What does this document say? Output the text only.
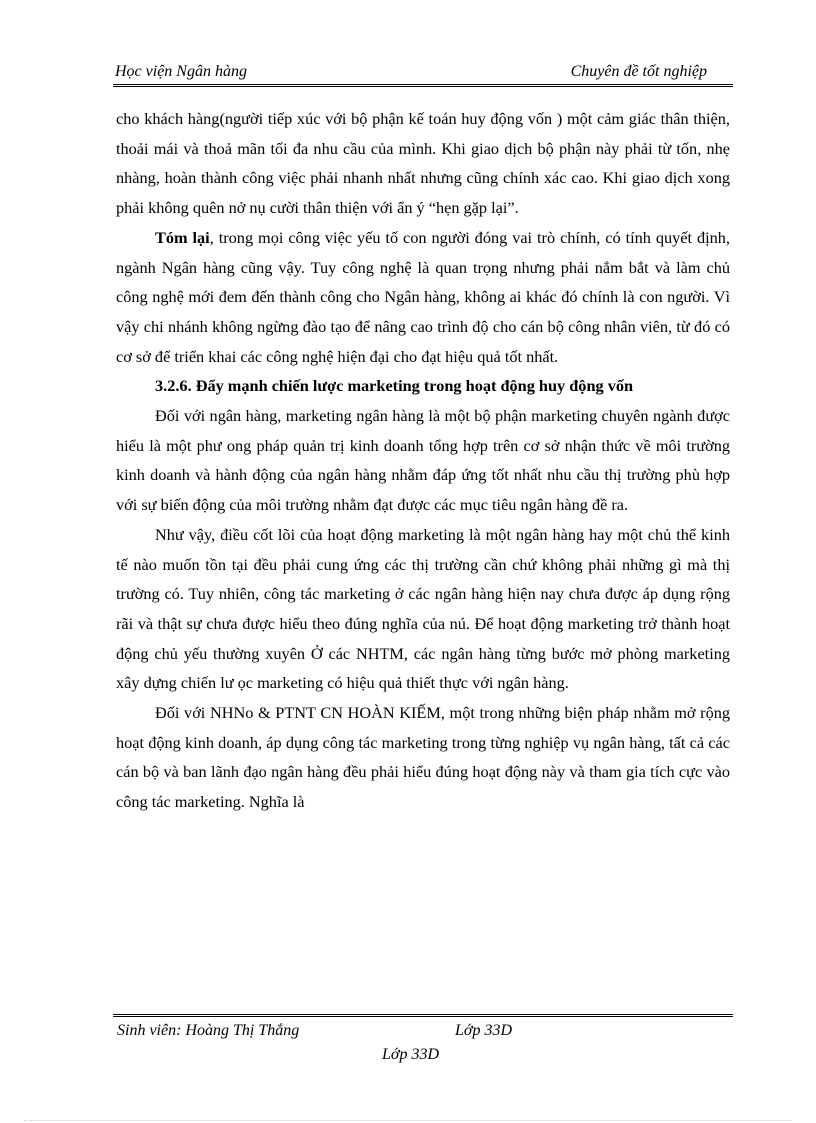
Học viện Ngân hàng	Chuyên đề tốt nghiệp

cho khách hàng(người tiếp xúc với bộ phận kế toán huy động vốn ) một cảm giác thân thiện, thoải mái và thoả mãn tối đa nhu cầu của mình. Khi giao dịch bộ phận này phải từ tốn, nhẹ nhàng, hoàn thành công việc phải nhanh nhất nhưng cũng chính xác cao. Khi giao dịch xong phải không quên nở nụ cười thân thiện với ẩn ý “hẹn gặp lại”.

Tóm lại, trong mọi công việc yếu tố con người đóng vai trò chính, có tính quyết định, ngành Ngân hàng cũng vậy. Tuy công nghệ là quan trọng nhưng phải nắm bắt và làm chủ công nghệ mới đem đến thành công cho Ngân hàng, không ai khác đó chính là con người. Vì vậy chi nhánh không ngừng đào tạo để nâng cao trình độ cho cán bộ công nhân viên, từ đó có cơ sở để triển khai các công nghệ hiện đại cho đạt hiệu quả tốt nhất.

3.2.6. Đẩy mạnh chiến lược marketing trong hoạt động huy động vốn

Đối với ngân hàng, marketing ngân hàng là một bộ phận marketing chuyên ngành được hiểu là một phư ong pháp quản trị kinh doanh tổng hợp trên cơ sở nhận thức về môi trường kinh doanh và hành động của ngân hàng nhằm đáp ứng tốt nhất nhu cầu thị trường phù hợp với sự biến động của môi trường nhằm đạt được các mục tiêu ngân hàng đề ra.

Như vậy, điều cốt lõi của hoạt động marketing là một ngân hàng hay một chủ thể kinh tế nào muốn tồn tại đều phải cung ứng các thị trường cần chứ không phải những gì mà thị trường có. Tuy nhiên, công tác marketing ở các ngân hàng hiện nay chưa được áp dụng rộng rãi và thật sự chưa được hiểu theo đúng nghĩa của nú. Để hoạt động marketing trở thành hoạt động chủ yếu thường xuyên Ở các NHTM, các ngân hàng từng bước mở phòng marketing xây dựng chiến lư ọc marketing có hiệu quả thiết thực với ngân hàng.

Đối với NHNo & PTNT CN HOÀN KIẾM, một trong những biện pháp nhằm mở rộng hoạt động kinh doanh, áp dụng công tác marketing trong từng nghiệp vụ ngân hàng, tất cả các cán bộ và ban lãnh đạo ngân hàng đều phải hiểu đúng hoạt động này và tham gia tích cực vào công tác marketing. Nghĩa là

Sinh viên: Hoàng Thị Thắng	Lớp 33D
Lớp 33D
